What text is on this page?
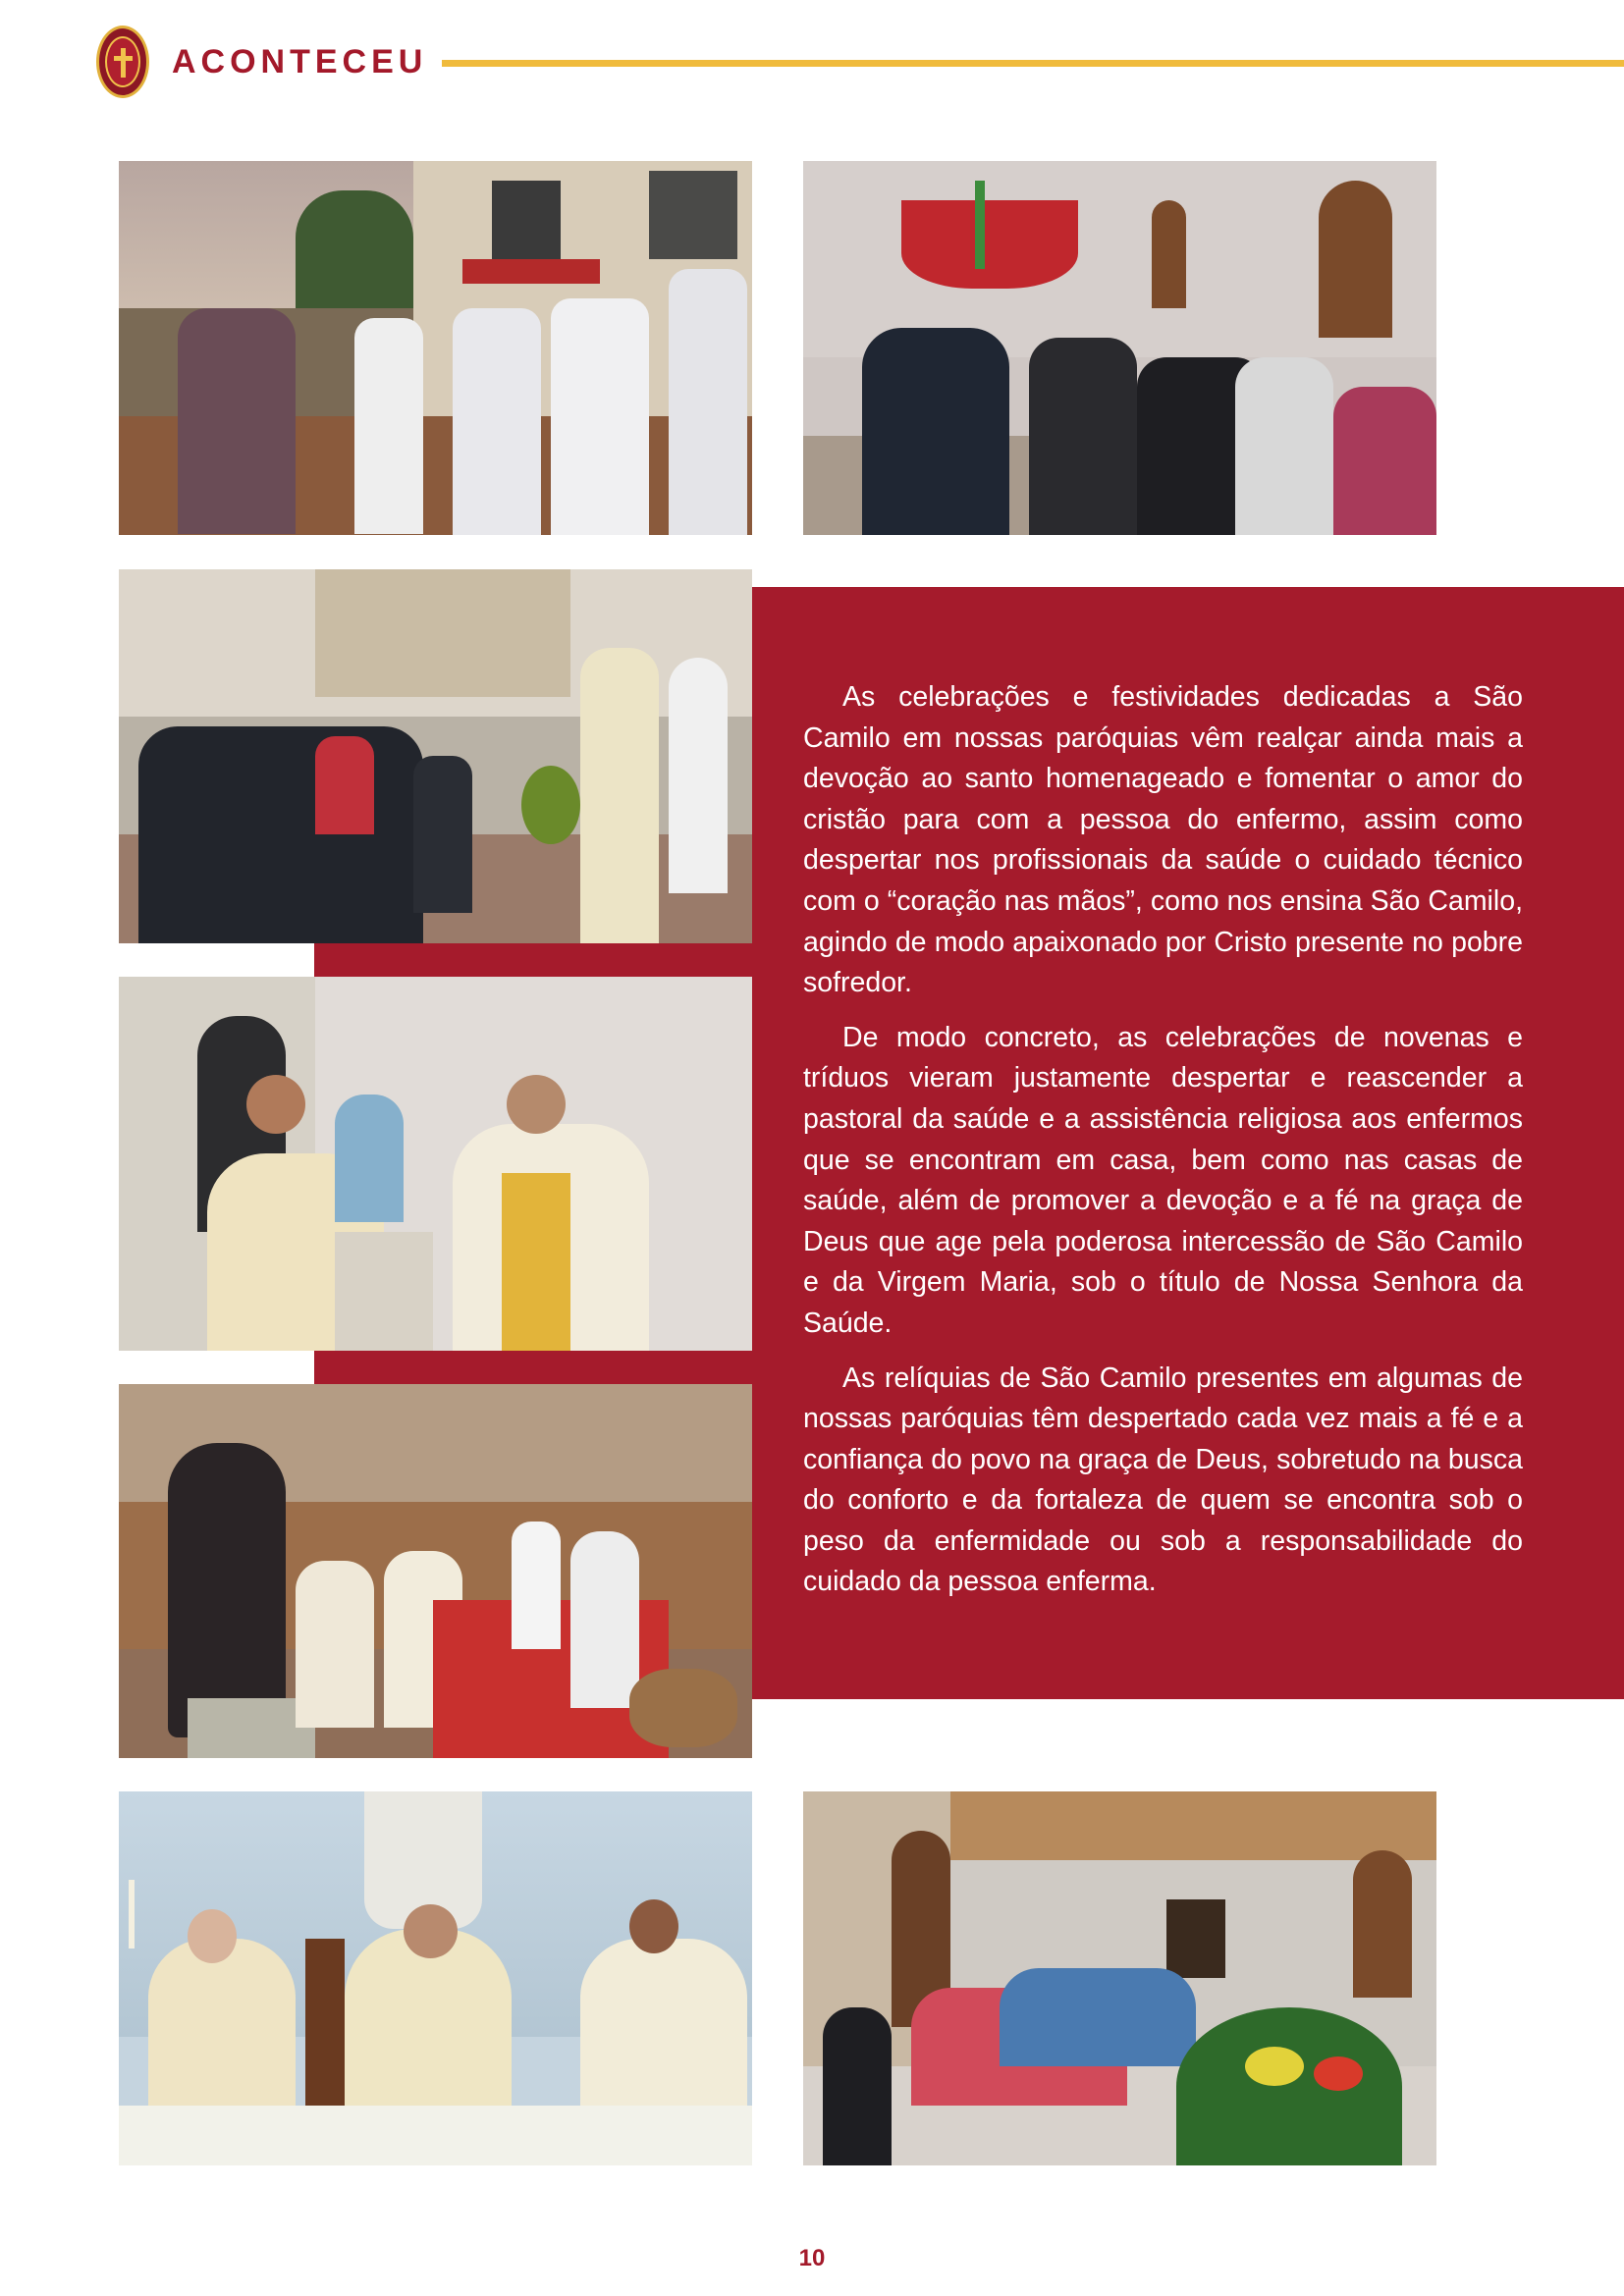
ACONTECEU

As celebrações e festividades dedicadas a São Camilo em nossas paróquias vêm realçar ainda mais a devoção ao santo homenageado e fomentar o amor do cristão para com a pessoa do enfermo, assim como despertar nos profissionais da saúde o cuidado técnico com o “coração nas mãos”, como nos ensina São Camilo, agindo de modo apaixonado por Cristo presente no pobre sofredor.

De modo concreto, as celebrações de novenas e tríduos vieram justamente despertar e reascender a pastoral da saúde e a assistência religiosa aos enfermos que se encontram em casa, bem como nas casas de saúde, além de promover a devoção e a fé na graça de Deus que age pela poderosa intercessão de São Camilo e da Virgem Maria, sob o título de Nossa Senhora da Saúde.

As relíquias de São Camilo presentes em algumas de nossas paróquias têm despertado cada vez mais a fé e a confiança do povo na graça de Deus, sobretudo na busca do conforto e da fortaleza de quem se encontra sob o peso da enfermidade ou sob a responsabilidade do cuidado da pessoa enferma.

10
